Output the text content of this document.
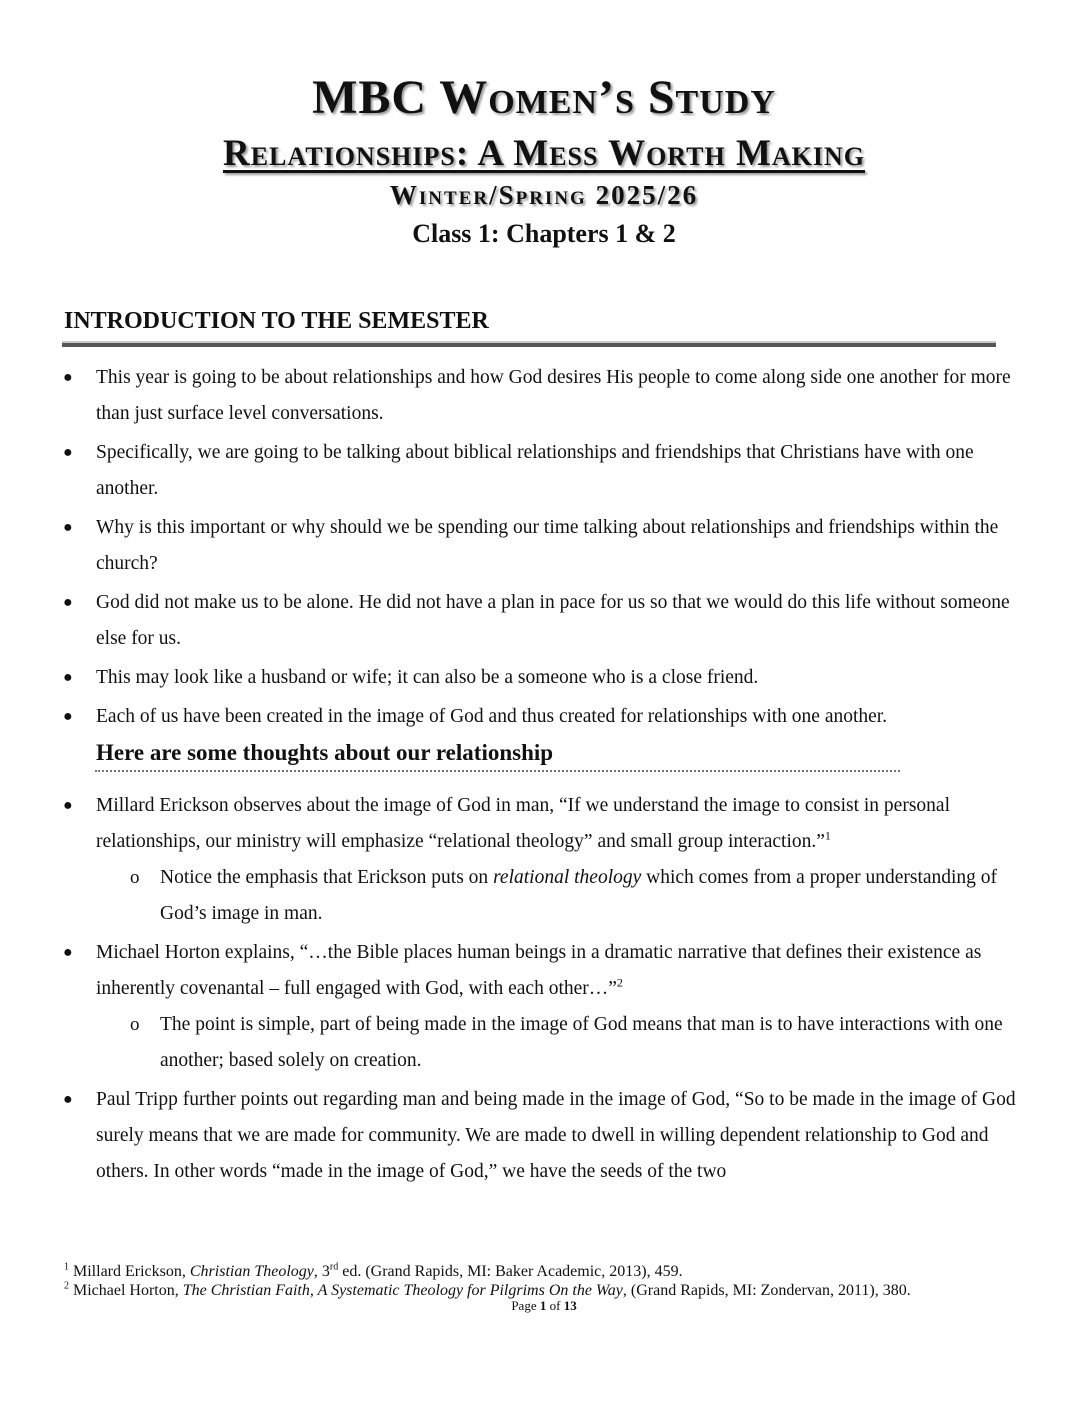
MBC Women’s Study
Relationships: A Mess Worth Making
Winter/Spring 2025/26
Class 1: Chapters 1 & 2
INTRODUCTION TO THE SEMESTER
● This year is going to be about relationships and how God desires His people to come along side one another for more than just surface level conversations.
● Specifically, we are going to be talking about biblical relationships and friendships that Christians have with one another.
● Why is this important or why should we be spending our time talking about relationships and friendships within the church?
● God did not make us to be alone. He did not have a plan in pace for us so that we would do this life without someone else for us.
● This may look like a husband or wife; it can also be a someone who is a close friend.
● Each of us have been created in the image of God and thus created for relationships with one another.
Here are some thoughts about our relationship
● Millard Erickson observes about the image of God in man, “If we understand the image to consist in personal relationships, our ministry will emphasize “relational theology” and small group interaction.”$^1$
o Notice the emphasis that Erickson puts on relational theology which comes from a proper understanding of God’s image in man.
● Michael Horton explains, “…the Bible places human beings in a dramatic narrative that defines their existence as inherently covenantal – full engaged with God, with each other…”$^2$
o The point is simple, part of being made in the image of God means that man is to have interactions with one another; based solely on creation.
● Paul Tripp further points out regarding man and being made in the image of God, “So to be made in the image of God surely means that we are made for community. We are made to dwell in willing dependent relationship to God and others. In other words “made in the image of God,” we have the seeds of the two

$^1$ Millard Erickson, Christian Theology, 3rd ed. (Grand Rapids, MI: Baker Academic, 2013), 459.

$^2$ Michael Horton, The Christian Faith, A Systematic Theology for Pilgrims On the Way, (Grand Rapids, MI: Zondervan, 2011), 380.

Page 1 of 13
